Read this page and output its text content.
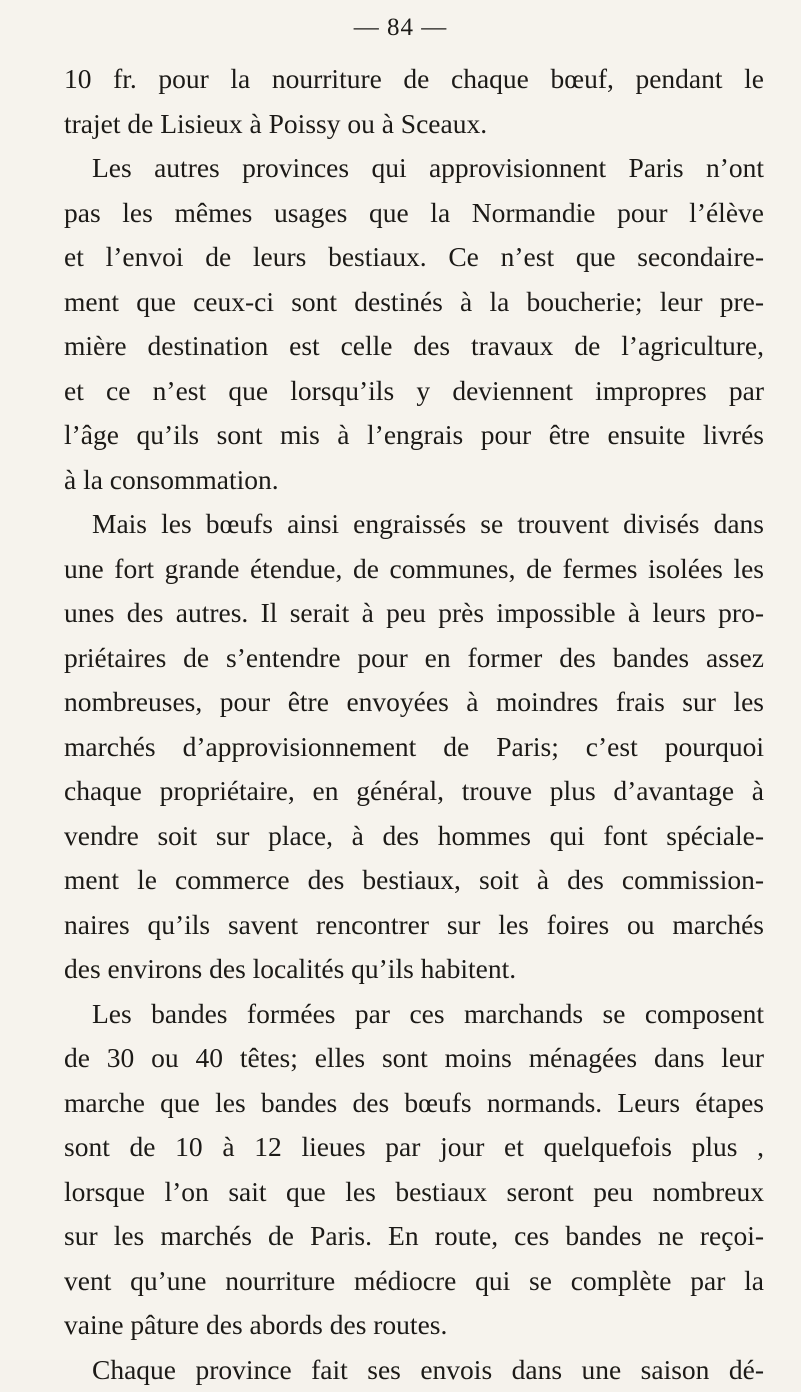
— 84 —
10 fr. pour la nourriture de chaque bœuf, pendant le
trajet de Lisieux à Poissy ou à Sceaux.
Les autres provinces qui approvisionnent Paris n’ont
pas les mêmes usages que la Normandie pour l’élève
et l’envoi de leurs bestiaux. Ce n’est que secondaire-
ment que ceux-ci sont destinés à la boucherie; leur pre-
mière destination est celle des travaux de l’agriculture,
et ce n’est que lorsqu’ils y deviennent impropres par
l’âge qu’ils sont mis à l’engrais pour être ensuite livrés
à la consommation.
Mais les bœufs ainsi engraissés se trouvent divisés dans
une fort grande étendue, de communes, de fermes isolées les
unes des autres. Il serait à peu près impossible à leurs pro-
priétaires de s’entendre pour en former des bandes assez
nombreuses, pour être envoyées à moindres frais sur les
marchés d’approvisionnement de Paris; c’est pourquoi
chaque propriétaire, en général, trouve plus d’avantage à
vendre soit sur place, à des hommes qui font spéciale-
ment le commerce des bestiaux, soit à des commission-
naires qu’ils savent rencontrer sur les foires ou marchés
des environs des localités qu’ils habitent.
Les bandes formées par ces marchands se composent
de 30 ou 40 têtes; elles sont moins ménagées dans leur
marche que les bandes des bœufs normands. Leurs étapes
sont de 10 à 12 lieues par jour et quelquefois plus ,
lorsque l’on sait que les bestiaux seront peu nombreux
sur les marchés de Paris. En route, ces bandes ne reçoi-
vent qu’une nourriture médiocre qui se complète par la
vaine pâture des abords des routes.
Chaque province fait ses envois dans une saison dé-
